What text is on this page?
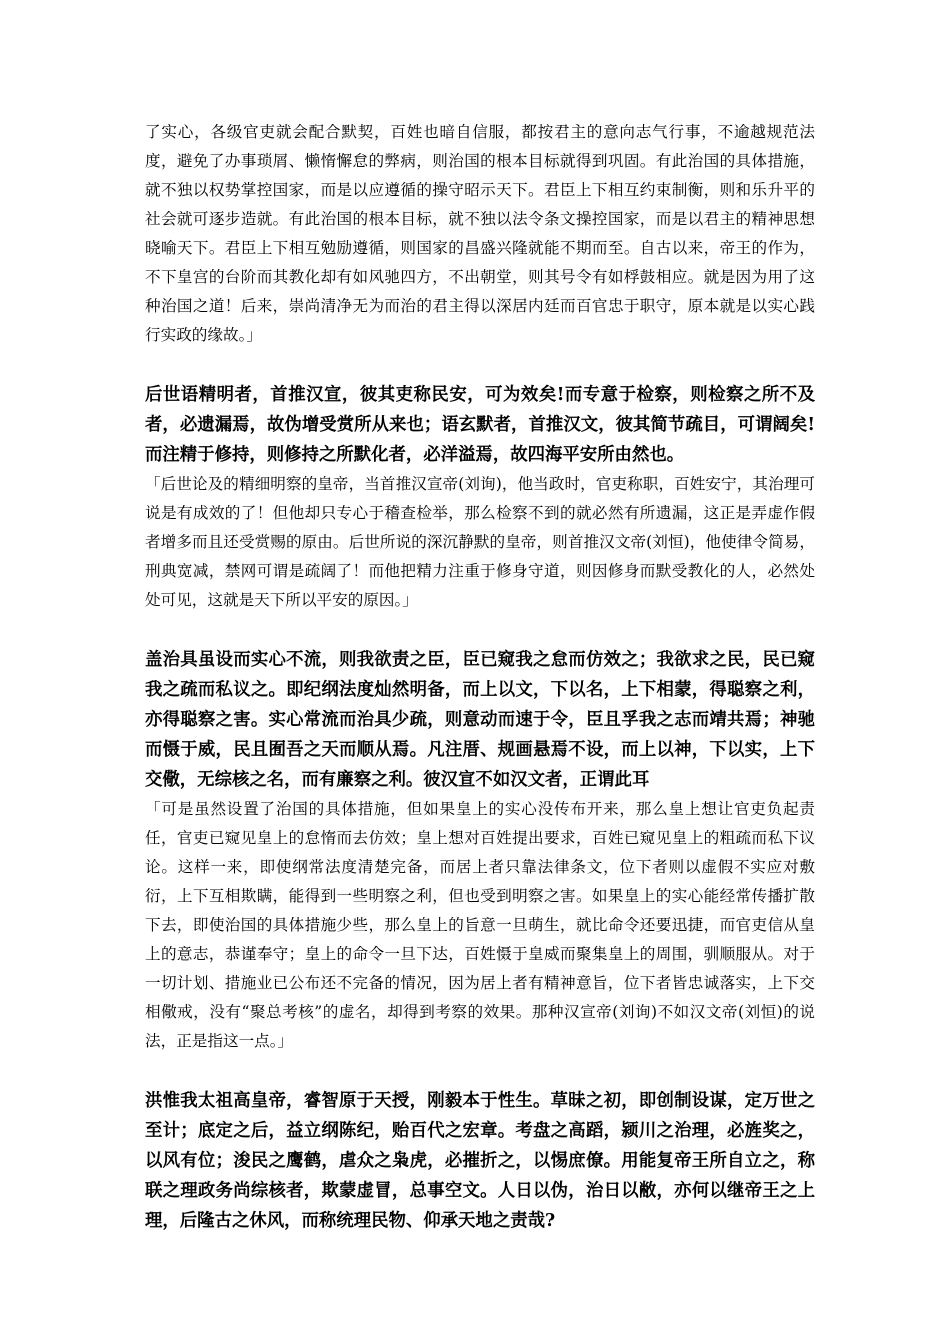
了实心，各级官吏就会配合默契，百姓也暗自信服，都按君主的意向志气行事，不逾越规范法度，避免了办事琐屑、懒惰懈怠的弊病，则治国的根本目标就得到巩固。有此治国的具体措施，就不独以权势掌控国家，而是以应遵循的操守昭示天下。君臣上下相互约束制衡，则和乐升平的社会就可逐步造就。有此治国的根本目标，就不独以法令条文操控国家，而是以君主的精神思想晓喻天下。君臣上下相互勉励遵循，则国家的昌盛兴隆就能不期而至。自古以来，帝王的作为，不下皇宫的台阶而其教化却有如风驰四方，不出朝堂，则其号令有如桴鼓相应。就是因为用了这种治国之道！后来，崇尚清净无为而治的君主得以深居内廷而百官忠于职守，原本就是以实心践行实政的缘故。」

后世语精明者，首推汉宣，彼其吏称民安，可为效矣!而专意于检察，则检察之所不及者，必遗漏焉，故伪增受赏所从来也；语玄默者，首推汉文，彼其简节疏目，可谓阔矣!而注精于修持，则修持之所默化者，必洋溢焉，故四海平安所由然也。

「后世论及的精细明察的皇帝，当首推汉宣帝(刘询)，他当政时，官吏称职，百姓安宁，其治理可说是有成效的了！但他却只专心于稽查检举，那么检察不到的就必然有所遗漏，这正是弄虚作假者增多而且还受赏赐的原由。后世所说的深沉静默的皇帝，则首推汉文帝(刘恒)，他使律令简易，刑典宽减，禁网可谓是疏阔了！而他把精力注重于修身守道，则因修身而默受教化的人，必然处处可见，这就是天下所以平安的原因。」

盖治具虽设而实心不流，则我欲责之臣，臣已窥我之怠而仿效之；我欲求之民，民已窥我之疏而私议之。即纪纲法度灿然明备，而上以文，下以名，上下相蒙，得聪察之利，亦得聪察之害。实心常流而治具少疏，则意动而速于令，臣且孚我之志而靖共焉；神驰而慑于威，民且囿吾之天而顺从焉。凡注厝、规画悬焉不设，而上以神，下以实，上下交儆，无综核之名，而有廉察之利。彼汉宣不如汉文者，正谓此耳

「可是虽然设置了治国的具体措施，但如果皇上的实心没传布开来，那么皇上想让官吏负起责任，官吏已窥见皇上的怠惰而去仿效；皇上想对百姓提出要求，百姓已窥见皇上的粗疏而私下议论。这样一来，即使纲常法度清楚完备，而居上者只靠法律条文，位下者则以虚假不实应对敷衍，上下互相欺瞒，能得到一些明察之利，但也受到明察之害。如果皇上的实心能经常传播扩散下去，即使治国的具体措施少些，那么皇上的旨意一旦萌生，就比命令还要迅捷，而官吏信从皇上的意志，恭谨奉守；皇上的命令一旦下达，百姓慑于皇威而聚集皇上的周围，驯顺服从。对于一切计划、措施业已公布还不完备的情况，因为居上者有精神意旨，位下者皆忠诚落实，上下交相儆戒，没有“聚总考核”的虚名，却得到考察的效果。那种汉宣帝(刘询)不如汉文帝(刘恒)的说法，正是指这一点。」

洪惟我太祖高皇帝，睿智原于天授，刚毅本于性生。草昧之初，即创制设谋，定万世之至计；底定之后，益立纲陈纪，贻百代之宏章。考盘之高蹈，颍川之治理，必旌奖之，以风有位；浚民之鹰鹤，虐众之枭虎，必摧折之，以惕庶僚。用能复帝王所自立之，称联之理政务尚综核者，欺蒙虚冒，总事空文。人日以伪，治日以敝，亦何以继帝王之上理，后隆古之休风，而称统理民物、仰承天地之责哉?
